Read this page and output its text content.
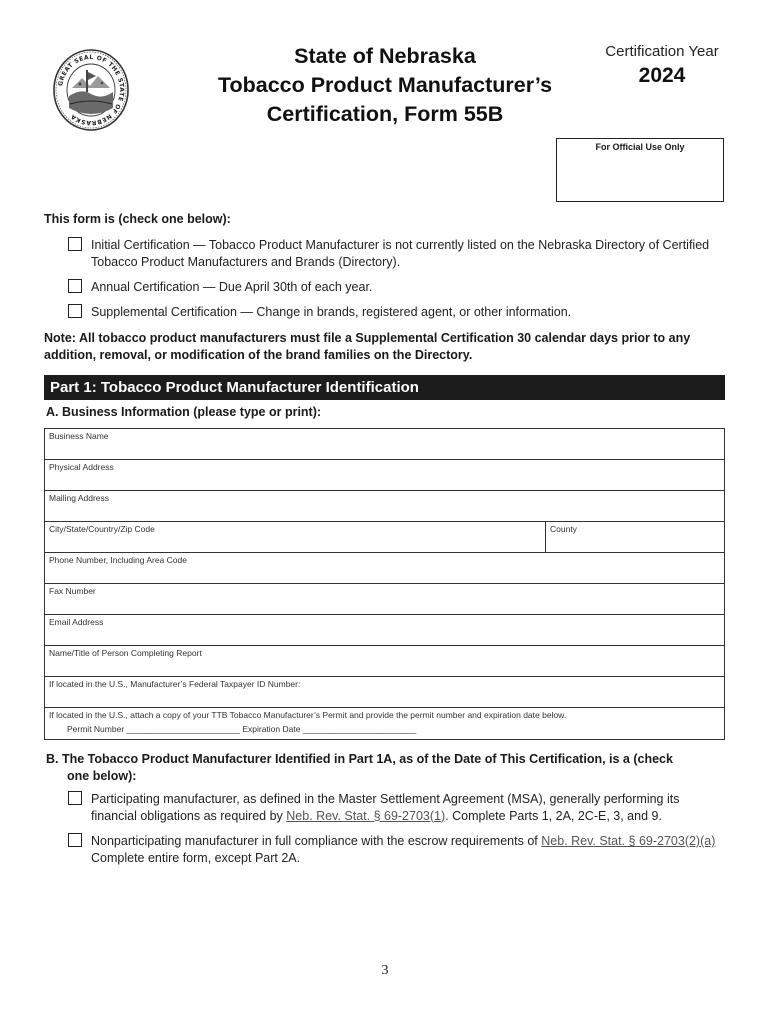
GREAT SEAL OF THE STATE OF NEBRASKA
State of Nebraska
Tobacco Product Manufacturer’s
Certification, Form 55B
Certification Year
2024
For Official Use Only
This form is (check one below):
Initial Certification — Tobacco Product Manufacturer is not currently listed on the Nebraska Directory of Certified Tobacco Product Manufacturers and Brands (Directory).
Annual Certification — Due April 30th of each year.
Supplemental Certification — Change in brands, registered agent, or other information.
Note: All tobacco product manufacturers must file a Supplemental Certification 30 calendar days prior to any addition, removal, or modification of the brand families on the Directory.
Part 1: Tobacco Product Manufacturer Identification
A. Business Information (please type or print):
Business Name
Physical Address
Mailing Address
City/State/Country/Zip Code	County
Phone Number, Including Area Code
Fax Number
Email Address
Name/Title of Person Completing Report
If located in the U.S., Manufacturer’s Federal Taxpayer ID Number:
If located in the U.S., attach a copy of your TTB Tobacco Manufacturer’s Permit and provide the permit number and expiration date below.
Permit Number ________________________ Expiration Date ________________________
B. The Tobacco Product Manufacturer Identified in Part 1A, as of the Date of This Certification, is a (check
one below):
Participating manufacturer, as defined in the Master Settlement Agreement (MSA), generally performing its
financial obligations as required by Neb. Rev. Stat. § 69-2703(1). Complete Parts 1, 2A, 2C-E, 3, and 9.
Nonparticipating manufacturer in full compliance with the escrow requirements of Neb. Rev. Stat. § 69-2703(2)(a)
Complete entire form, except Part 2A.
3
